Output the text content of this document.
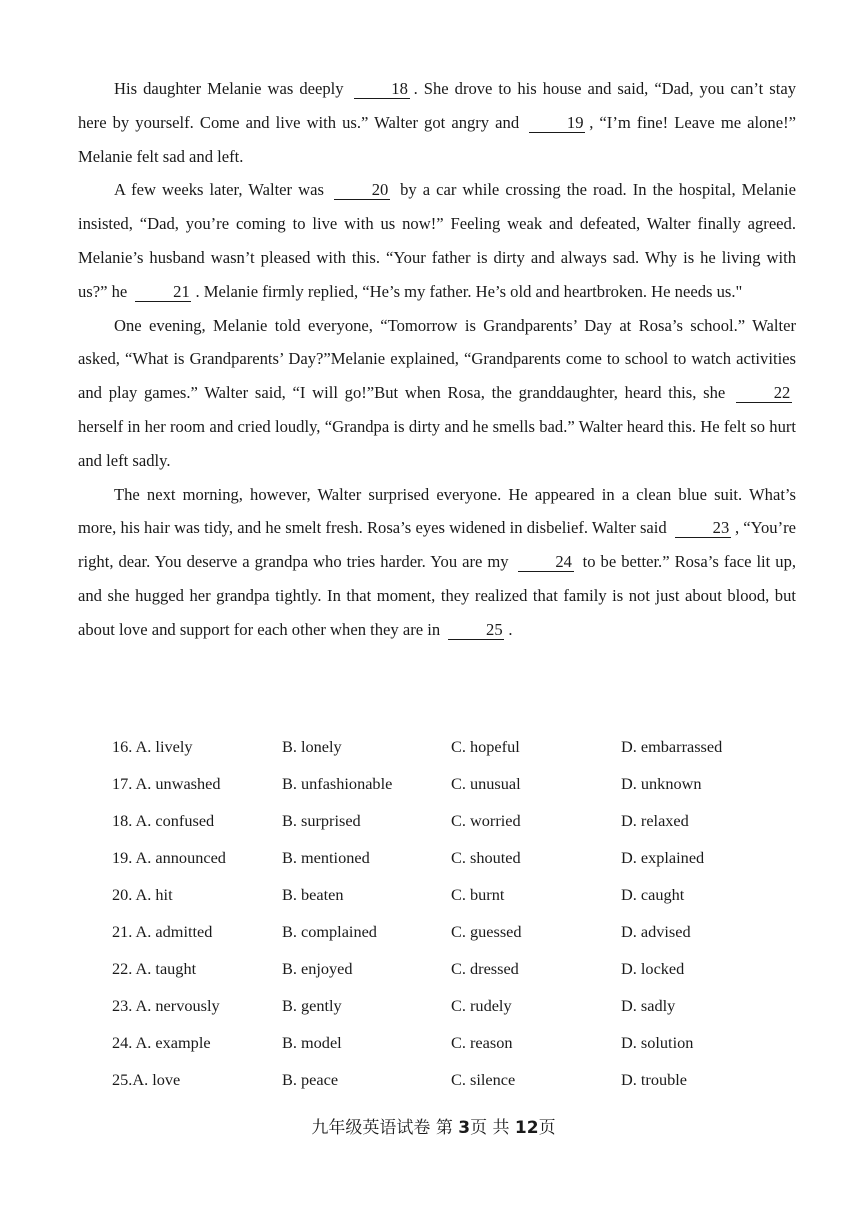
His daughter Melanie was deeply	18 . She drove to his house and said, “Dad, you can’t stay here by yourself. Come and live with us.” Walter got angry and	19 , “I’m fine! Leave me alone!” Melanie felt sad and left.

A few weeks later, Walter was	20 by a car while crossing the road. In the hospital, Melanie insisted, “Dad, you’re coming to live with us now!” Feeling weak and defeated, Walter finally agreed. Melanie’s husband wasn’t pleased with this. “Your father is dirty and always sad. Why is he living with us?” he	21 . Melanie firmly replied, “He’s my father. He’s old and heartbroken. He needs us."

One evening, Melanie told everyone, “Tomorrow is Grandparents’ Day at Rosa’s school.” Walter asked, “What is Grandparents’ Day?”Melanie explained, “Grandparents come to school to watch activities and play games.” Walter said, “I will go!”But when Rosa, the granddaughter, heard this, she	22 herself in her room and cried loudly, “Grandpa is dirty and he smells bad.” Walter heard this. He felt so hurt and left sadly.

The next morning, however, Walter surprised everyone. He appeared in a clean blue suit. What’s more, his hair was tidy, and he smelt fresh. Rosa’s eyes widened in disbelief. Walter said	23 , “You’re right, dear. You deserve a grandpa who tries harder. You are my	24 to be better.” Rosa’s face lit up, and she hugged her grandpa tightly. In that moment, they realized that family is not just about blood, but about love and support for each other when they are in	25 .

16. A. lively	B. lonely	C. hopeful	D. embarrassed
17. A. unwashed	B. unfashionable	C. unusual	D. unknown
18. A. confused	B. surprised	C. worried	D. relaxed
19. A. announced	B. mentioned	C. shouted	D. explained
20. A. hit	B. beaten	C. burnt	D. caught
21. A. admitted	B. complained	C. guessed	D. advised
22. A. taught	B. enjoyed	C. dressed	D. locked
23. A. nervously	B. gently	C. rudely	D. sadly
24. A. example	B. model	C. reason	D. solution
25.A. love	B. peace	C. silence	D. trouble
九年级英语试卷 第 3页 共 12页
